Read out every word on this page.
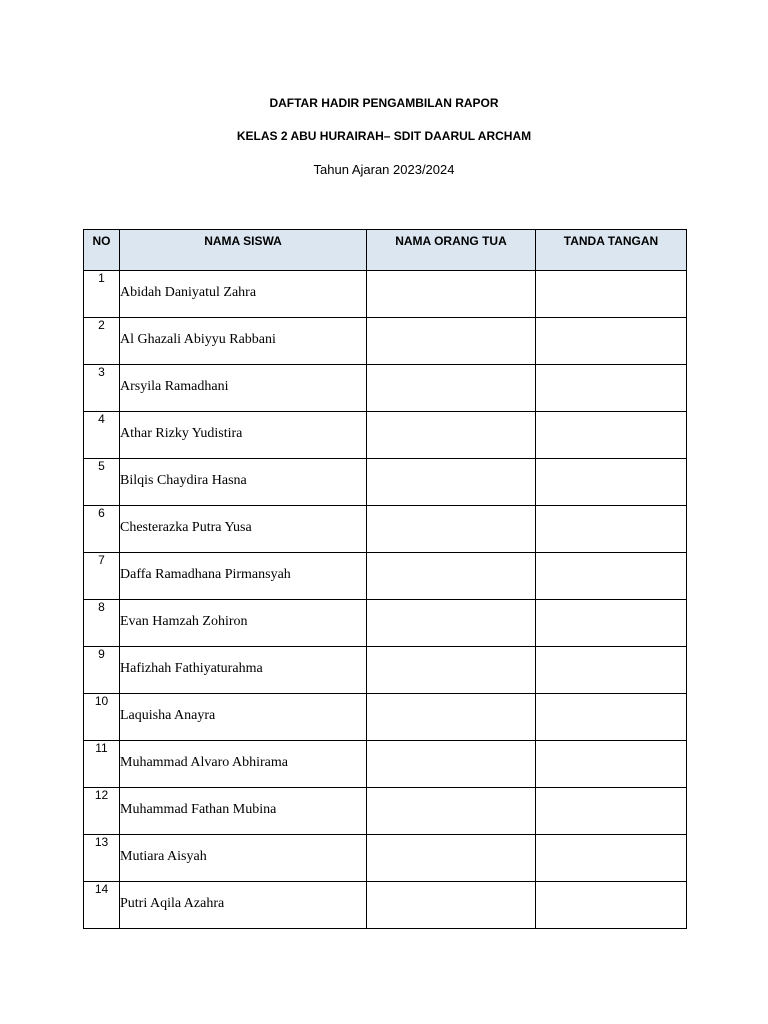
DAFTAR HADIR PENGAMBILAN RAPOR
KELAS 2 ABU HURAIRAH– SDIT DAARUL ARCHAM
Tahun Ajaran 2023/2024
NO	NAMA SISWA	NAMA ORANG TUA	TANDA TANGAN
1	Abidah Daniyatul Zahra		
2	Al Ghazali Abiyyu Rabbani		
3	Arsyila Ramadhani		
4	Athar Rizky Yudistira		
5	Bilqis Chaydira Hasna		
6	Chesterazka Putra Yusa		
7	Daffa Ramadhana Pirmansyah		
8	Evan Hamzah Zohiron		
9	Hafizhah Fathiyaturahma		
10	Laquisha Anayra		
11	Muhammad Alvaro Abhirama		
12	Muhammad Fathan Mubina		
13	Mutiara Aisyah		
14	Putri Aqila Azahra		
